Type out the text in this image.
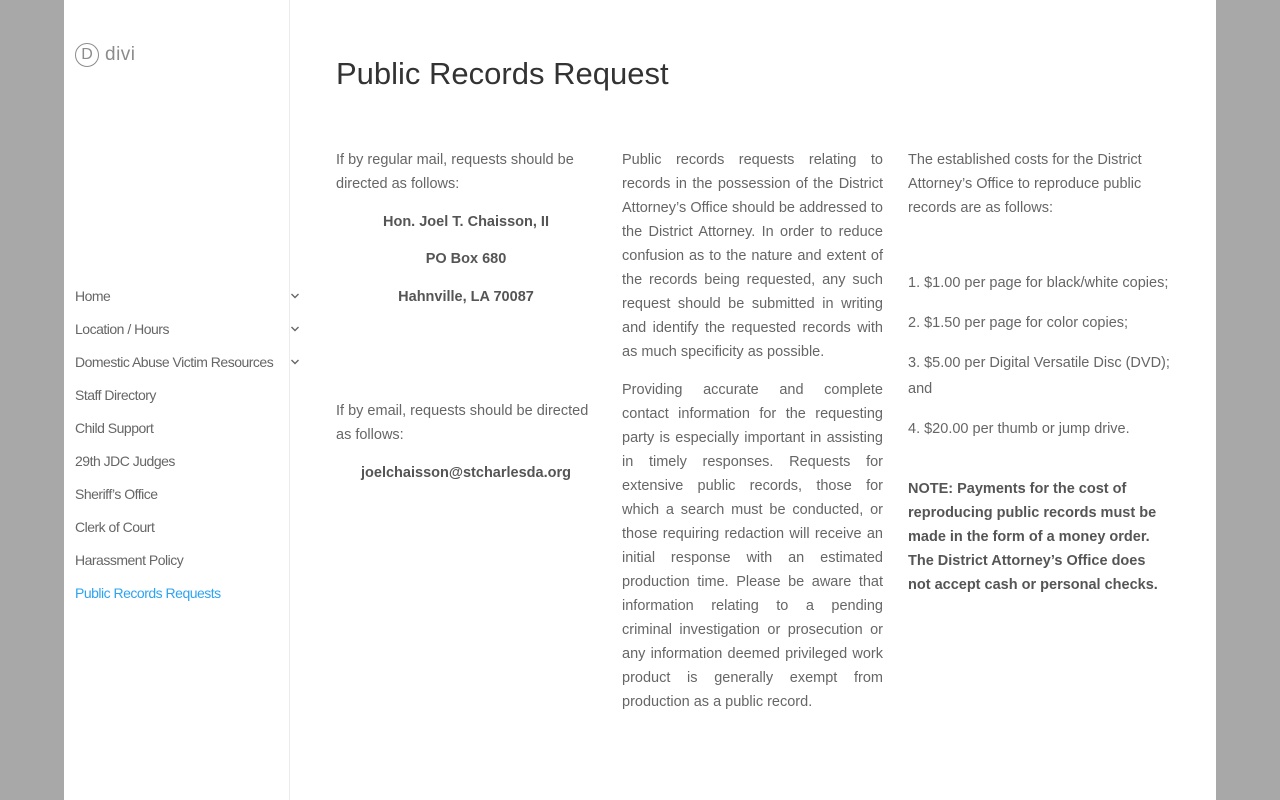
D divi
Home
Location / Hours
Domestic Abuse Victim Resources
Staff Directory
Child Support
29th JDC Judges
Sheriff’s Office
Clerk of Court
Harassment Policy
Public Records Requests
Public Records Request

If by regular mail, requests should be directed as follows:

Hon. Joel T. Chaisson, II

PO Box 680

Hahnville, LA 70087

If by email, requests should be directed as follows:

joelchaisson@stcharlesda.org

Public records requests relating to records in the possession of the District Attorney’s Office should be addressed to the District Attorney. In order to reduce confusion as to the nature and extent of the records being requested, any such request should be submitted in writing and identify the requested records with as much specificity as possible.

Providing accurate and complete contact information for the requesting party is especially important in assisting in timely responses. Requests for extensive public records, those for which a search must be conducted, or those requiring redaction will receive an initial response with an estimated production time. Please be aware that information relating to a pending criminal investigation or prosecution or any information deemed privileged work product is generally exempt from production as a public record.

The established costs for the District Attorney’s Office to reproduce public records are as follows:

1. $1.00 per page for black/white copies;

2. $1.50 per page for color copies;

3. $5.00 per Digital Versatile Disc (DVD); and

4. $20.00 per thumb or jump drive.

NOTE: Payments for the cost of reproducing public records must be made in the form of a money order. The District Attorney’s Office does not accept cash or personal checks.
